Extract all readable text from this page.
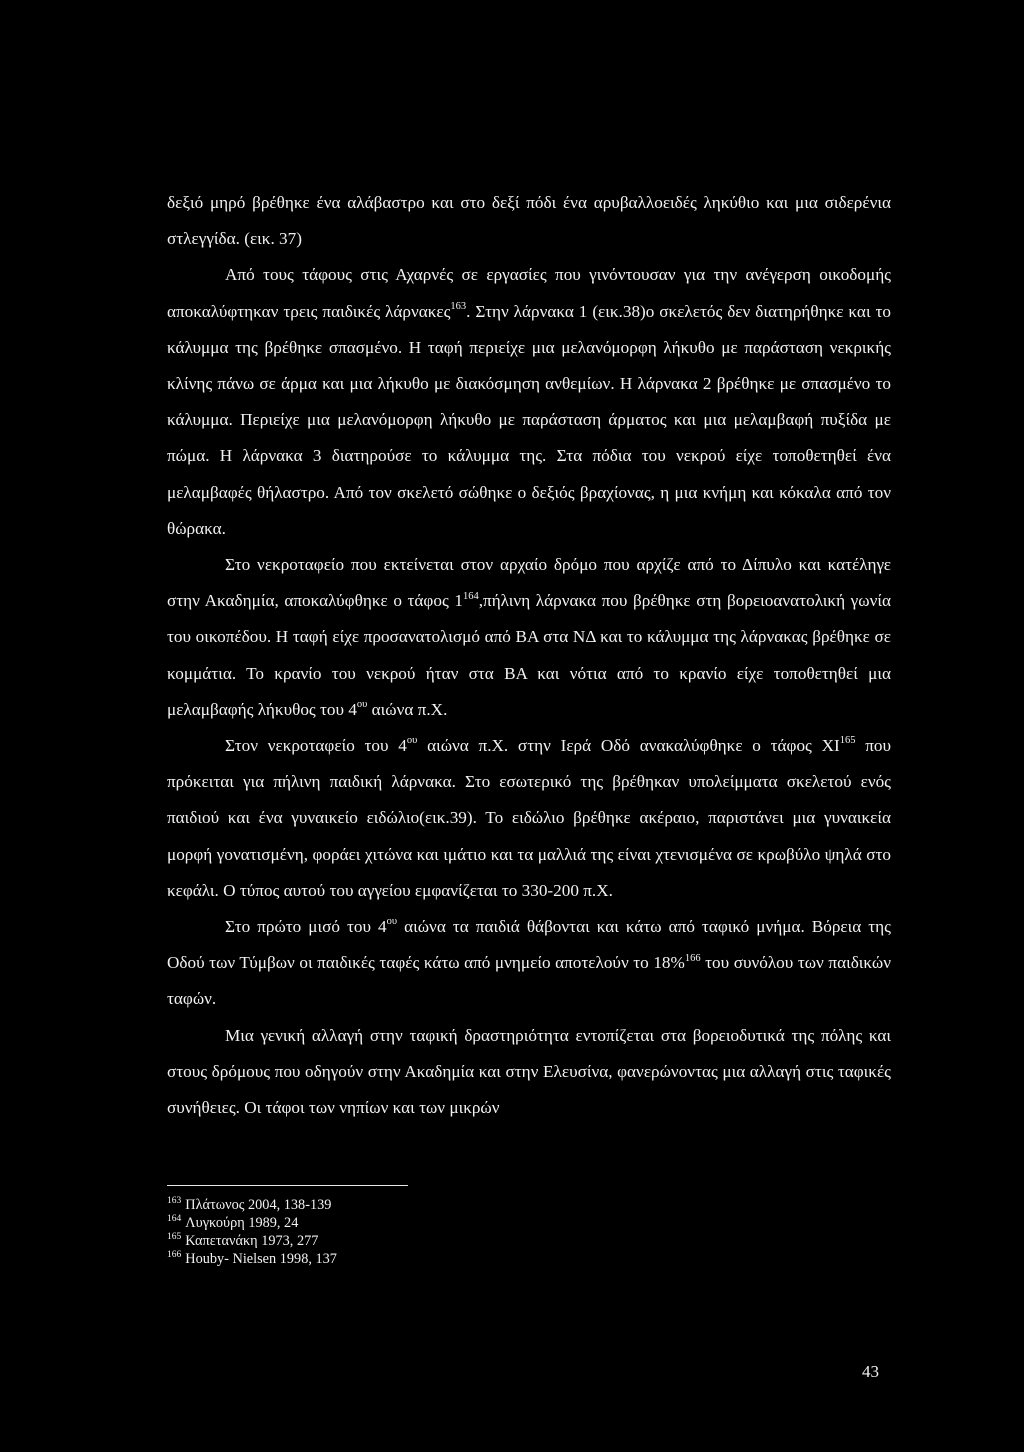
δεξιό μηρό βρέθηκε ένα αλάβαστρο και στο δεξί πόδι ένα αρυβαλλοειδές ληκύθιο και μια σιδερένια στλεγγίδα. (εικ. 37)

Από τους τάφους στις Αχαρνές σε εργασίες που γινόντουσαν για την ανέγερση οικοδομής αποκαλύφτηκαν τρεις παιδικές λάρνακες$^{163}$. Στην λάρνακα 1 (εικ.38)ο σκελετός δεν διατηρήθηκε και το κάλυμμα της βρέθηκε σπασμένο. Η ταφή περιείχε μια μελανόμορφη λήκυθο με παράσταση νεκρικής κλίνης πάνω σε άρμα και μια λήκυθο με διακόσμηση ανθεμίων. Η λάρνακα 2 βρέθηκε με σπασμένο το κάλυμμα. Περιείχε μια μελανόμορφη λήκυθο με παράσταση άρματος και μια μελαμβαφή πυξίδα με πώμα. Η λάρνακα 3 διατηρούσε το κάλυμμα της. Στα πόδια του νεκρού είχε τοποθετηθεί ένα μελαμβαφές θήλαστρο. Από τον σκελετό σώθηκε ο δεξιός βραχίονας, η μια κνήμη και κόκαλα από τον θώρακα.

Στο νεκροταφείο που εκτείνεται στον αρχαίο δρόμο που αρχίζε από το Δίπυλο και κατέληγε στην Ακαδημία, αποκαλύφθηκε ο τάφος 1$^{164}$,πήλινη λάρνακα που βρέθηκε στη βορειοανατολική γωνία του οικοπέδου. Η ταφή είχε προσανατολισμό από ΒΑ στα ΝΔ και το κάλυμμα της λάρνακας βρέθηκε σε κομμάτια. Το κρανίο του νεκρού ήταν στα ΒΑ και νότια από το κρανίο είχε τοποθετηθεί μια μελαμβαφής λήκυθος του 4$^{o\upsilon}$ αιώνα π.Χ.

Στον νεκροταφείο του 4$^{o\upsilon}$ αιώνα π.Χ. στην Ιερά Οδό ανακαλύφθηκε ο τάφος ΧΙ$^{165}$ που πρόκειται για πήλινη παιδική λάρνακα. Στο εσωτερικό της βρέθηκαν υπολείμματα σκελετού ενός παιδιού και ένα γυναικείο ειδώλιο(εικ.39). Το ειδώλιο βρέθηκε ακέραιο, παριστάνει μια γυναικεία μορφή γονατισμένη, φοράει χιτώνα και ιμάτιο και τα μαλλιά της είναι χτενισμένα σε κρωβύλο ψηλά στο κεφάλι. Ο τύπος αυτού του αγγείου εμφανίζεται το 330-200 π.Χ.

Στο πρώτο μισό του 4$^{o\upsilon}$ αιώνα τα παιδιά θάβονται και κάτω από ταφικό μνήμα. Βόρεια της Οδού των Τύμβων οι παιδικές ταφές κάτω από μνημείο αποτελούν το 18%$^{166}$ του συνόλου των παιδικών ταφών.

Μια γενική αλλαγή στην ταφική δραστηριότητα εντοπίζεται στα βορειοδυτικά της πόλης και στους δρόμους που οδηγούν στην Ακαδημία και στην Ελευσίνα, φανερώνοντας μια αλλαγή στις ταφικές συνήθειες. Οι τάφοι των νηπίων και των μικρών

$^{163}$ Πλάτωνος 2004, 138-139
$^{164}$ Λυγκούρη 1989, 24
$^{165}$ Καπετανάκη 1973, 277
$^{166}$ Houby- Nielsen 1998, 137
43
